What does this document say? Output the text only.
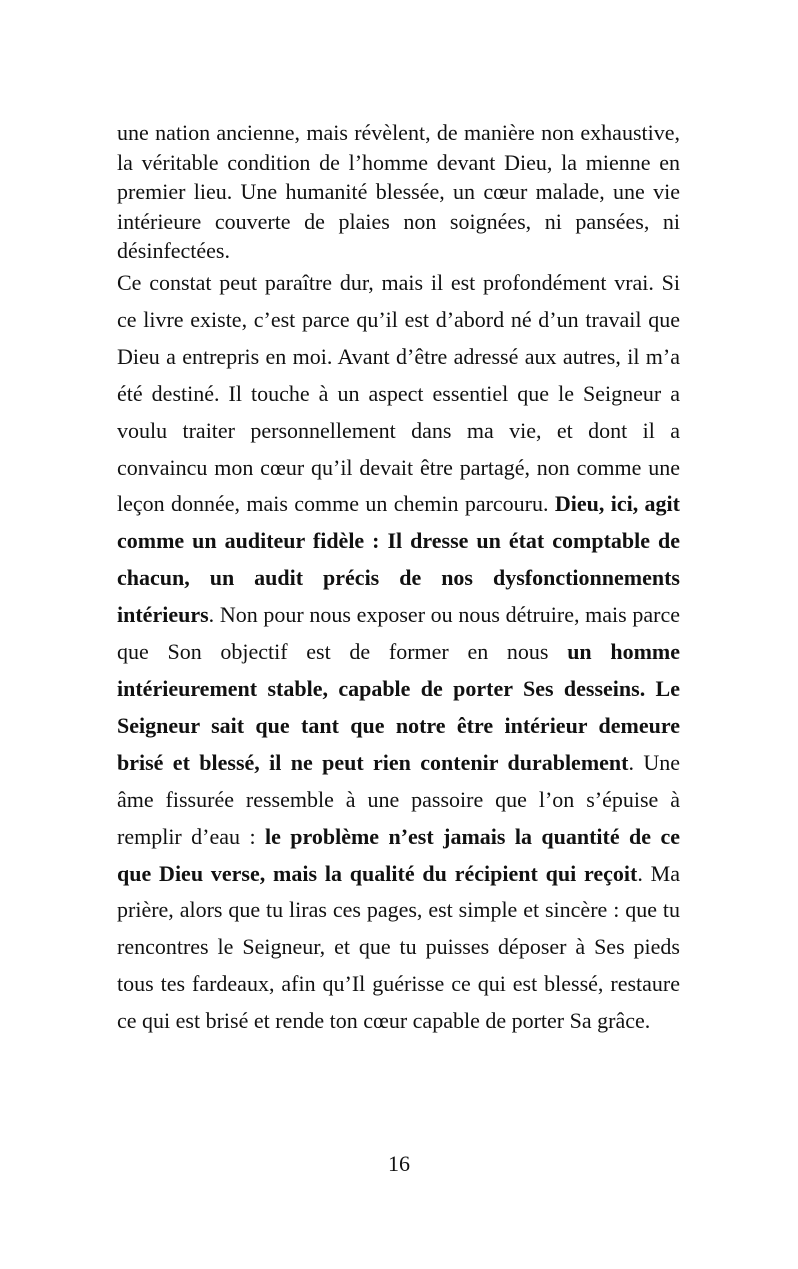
une nation ancienne, mais révèlent, de manière non exhaustive, la véritable condition de l’homme devant Dieu, la mienne en premier lieu. Une humanité blessée, un cœur malade, une vie intérieure couverte de plaies non soignées, ni pansées, ni désinfectées.

Ce constat peut paraître dur, mais il est profondément vrai. Si ce livre existe, c’est parce qu’il est d’abord né d’un travail que Dieu a entrepris en moi. Avant d’être adressé aux autres, il m’a été destiné. Il touche à un aspect essentiel que le Seigneur a voulu traiter personnellement dans ma vie, et dont il a convaincu mon cœur qu’il devait être partagé, non comme une leçon donnée, mais comme un chemin parcouru. Dieu, ici, agit comme un auditeur fidèle : Il dresse un état comptable de chacun, un audit précis de nos dysfonctionnements intérieurs. Non pour nous exposer ou nous détruire, mais parce que Son objectif est de former en nous un homme intérieurement stable, capable de porter Ses desseins. Le Seigneur sait que tant que notre être intérieur demeure brisé et blessé, il ne peut rien contenir durablement. Une âme fissurée ressemble à une passoire que l’on s’épuise à remplir d’eau : le problème n’est jamais la quantité de ce que Dieu verse, mais la qualité du récipient qui reçoit. Ma prière, alors que tu liras ces pages, est simple et sincère : que tu rencontres le Seigneur, et que tu puisses déposer à Ses pieds tous tes fardeaux, afin qu’Il guérisse ce qui est blessé, restaure ce qui est brisé et rende ton cœur capable de porter Sa grâce.

16
